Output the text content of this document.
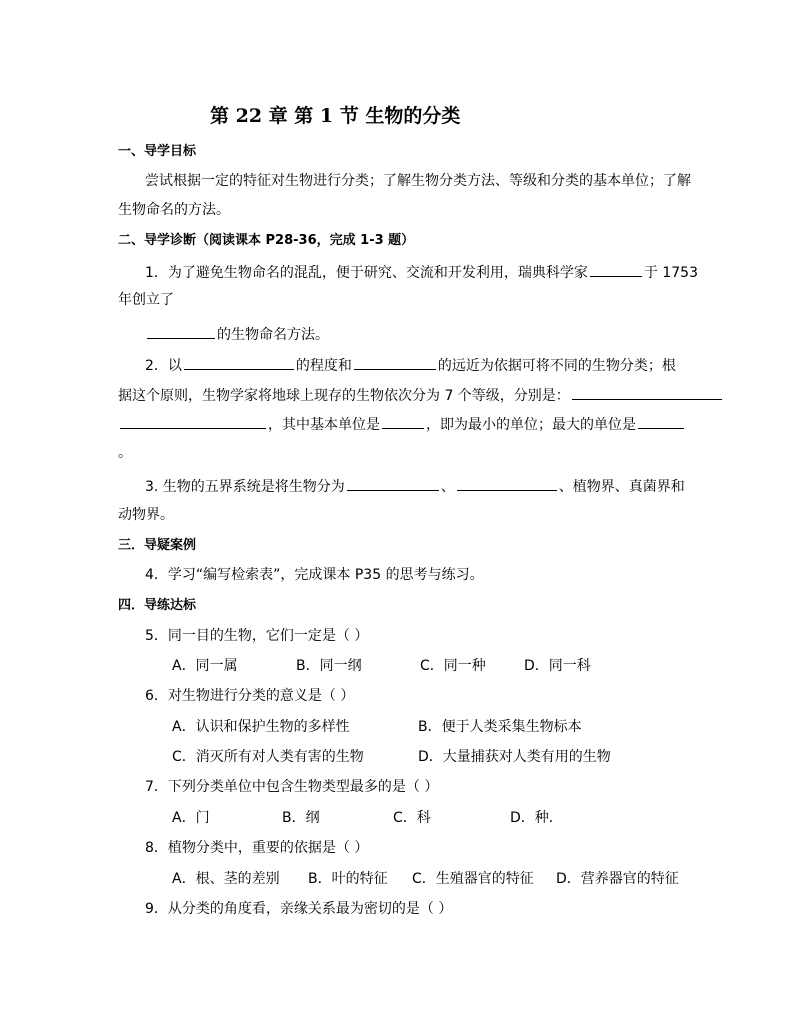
第 22 章 第 1 节 生物的分类
一、导学目标
尝试根据一定的特征对生物进行分类；了解生物分类方法、等级和分类的基本单位；了解
生物命名的方法。
二、导学诊断（阅读课本 P28-36，完成 1-3 题）
1．为了避免生物命名的混乱，便于研究、交流和开发利用，瑞典科学家	于 1753
年创立了
的生物命名方法。
2．以	的程度和	的远近为依据可将不同的生物分类；根
据这个原则，生物学家将地球上现存的生物依次分为 7 个等级，分别是：
，其中基本单位是	，即为最小的单位；最大的单位是
。
3. 生物的五界系统是将生物分为	、	、植物界、真菌界和
动物界。
三．导疑案例
4．学习“编写检索表”，完成课本 P35 的思考与练习。
四．导练达标
5．同一目的生物，它们一定是（ ）
A．同一属	B．同一纲	C．同一种	D．同一科
6．对生物进行分类的意义是（ ）
A．认识和保护生物的多样性	B．便于人类采集生物标本
C．消灭所有对人类有害的生物	D．大量捕获对人类有用的生物
7．下列分类单位中包含生物类型最多的是（ ）
A．门	B．纲	C．科	D．种．
8．植物分类中，重要的依据是（ ）
A．根、茎的差别 B．叶的特征 C．生殖器官的特征 D．营养器官的特征
9．从分类的角度看，亲缘关系最为密切的是（ ）
